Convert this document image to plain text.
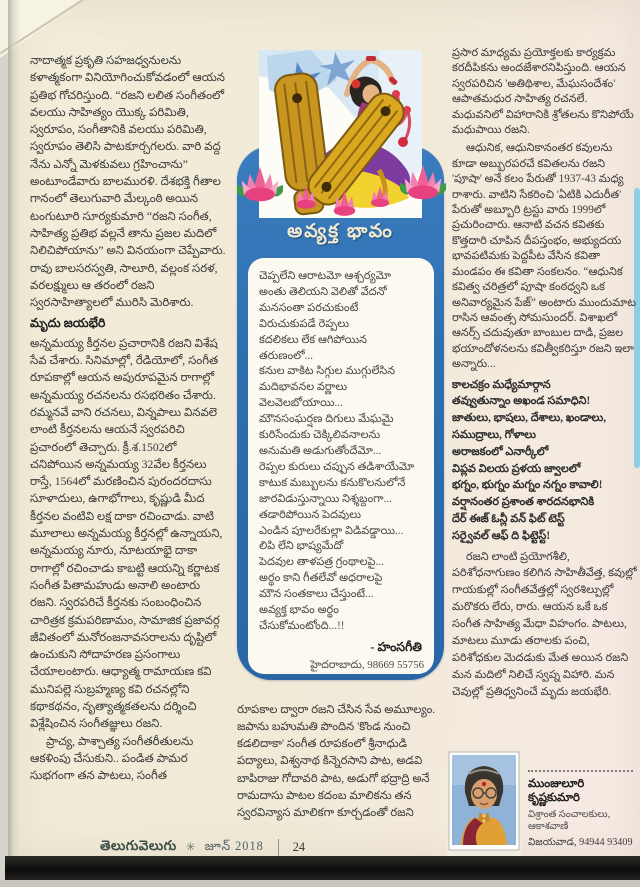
నాదాత్మక ప్రకృతి సహజధ్వనులను కళాత్మకంగా వినియోగించుకోవడంలో ఆయన ప్రతిభ గోచరిస్తుంది. “రజని లలిత సంగీతంలో వలయు సాహిత్యం యొక్క పరిమితి, స్వరూపం, సంగీతానికి వలయు పరిమితి, స్వరూపం తెలిసి పాటకూర్చగలరు. వారి వద్ద నేను ఎన్నో మెళకువలు గ్రహించాను” అంటూండేవారు బాలమురళి. దేశభక్తి గీతాల గానంలో తెలుగువారి మేల్కంఠి అయిన టంగుటూరి సూర్యకుమారి “రజని సంగీత, సాహిత్య ప్రతిభ వల్లనే తాను ప్రజల మదిలో నిలిచిపోయాను” అని వినయంగా చెప్పేవారు. రావు బాలసరస్వతి, సాలూరి, వల్లంక సరళ, వరలక్ష్ములు ఆ తరంలో రజని స్వరసాహిత్యాలలో మురిసి మెరిశారు.

మృదు జయభేరి

అన్నమయ్య కీర్తనల ప్రచారానికి రజని విశేష సేవ చేశారు. సినిమాల్లో, రేడియోలో, సంగీత రూపకాల్లో ఆయన అపురూపమైన రాగాల్లో అన్నమయ్య రచనలను రసభరితం చేశారు. రమ్మనవే వాని రచనలు, విన్నపాలు వినవలె లాంటి కీర్తనలను ఆయనే స్వరపరిచి ప్రచారంలో తెచ్చారు. క్రీ.శ.1502లో చనిపోయిన అన్నమయ్య 32వేల కీర్తనలు రాస్తే, 1564లో మరణించిన పురందరదాసు సూళాదులు, ఉగాభోగాలు, కృష్ణుడి మీద కీర్తనల వంటివి లక్ష దాకా రచించాడు. వాటి మూలాలు అన్నమయ్య కీర్తనల్లో ఉన్నాయని, అన్నమయ్య నూరు, నూటయాభై దాకా రాగాల్లో రచించాడు కాబట్టి ఆయన్ని కర్ణాటక సంగీత పితామహుడు అనాలి అంటారు రజని. స్వరపరిచే కీర్తనకు సంబంధించిన చారిత్రక క్రమపరిణామం, సామాజిక ప్రజావర్గ జీవితంలో మనోరంజనావసరాలను దృష్టిలో ఉంచుకుని సోదాహరణ ప్రసంగాలు చేయాలంటారు. ఆధ్యాత్మ రామాయణ కవి మునిపల్లె సుబ్రహ్మణ్య కవి రచనల్లోని కథాకథనం, నృత్యాత్మకతలను దర్శించి విశ్లేషించిన సంగీతజ్ఞులు రజని.

ప్రాచ్య, పాశ్చాత్య సంగీతరీతులను ఆకళింపు చేసుకుని.. పండిత పామర సుభగంగా తన పాటలు, సంగీత

అవ్యక్త భావం
చెప్పలేని ఆరాటమో ఆశ్చర్యమో
అంతు తెలియని వెలితో వేదనో
మనసంతా పరచుకుంటే
విరుచుకుపడే రెప్పలు
కదలికలు లేక ఆగిపోయిన
తరుణంలో...
కనుల వాకిట సిగ్గుల ముగ్గులేసిన
మదిభావనల వర్ణాలు
వెలవెలబోయాయి...
మౌనసంఘర్షణ దిగులు మేఘమై
కురిసేందుకు చెక్కిలివనాలను
అనుమతి అడుగుతోందేమో...
రెప్పల కురులు చప్పున తడిశాయేమో
కాటుక మబ్బులను కనుకొలనులోనే
జారవిడుస్తున్నాయి నిశ్శబ్దంగా...
తడారిపోయిన పెదవులు
ఎండిన పూలరేకుల్లా విడివడ్డాయి...
లిపి లేని భాష్యమేదో
పెదవుల తాళపత్ర గ్రంథాలపై...
అర్థం కాని గీతలేవో అధరాలపై
మౌన సంతకాలు చేస్తుంటే...
అవ్యక్త భావం అర్థం
చేసుకోమంటోంది...!!
- హంసగీతి
హైదరాబాదు, 98669 55756

రూపకాల ద్వారా రజని చేసిన సేవ అమూల్యం. జపాను బహుమతి పొందిన 'కొండ నుంచి కడలిదాకా' సంగీత రూపకంలో శ్రీనాధుడి పద్యాలు, విశ్వనాథ కిన్నెరసాని పాట, అడవి బాపిరాజు గోదావరి పాట, అడుగో భద్రాద్రి అనే రామదాసు పాటల కదంబ మాలికను తన స్వరవిన్యాస మాలికగా కూర్చడంతో రజని

ప్రసార మాధ్యమ ప్రయోక్తలకు కార్యక్రమ కరదీపికను అందజేశారనిపిస్తుంది. ఆయన స్వరపరిచిన 'అతిథిశాల, మేఘసందేశం' ఆపాతమధుర సాహిత్య రచనలే. మధువనిలో విహారానికి శ్రోతలను కొనిపోయే మధుపాయి రజని.

ఆధునిక, ఆధునికానంతర కవులను కూడా అబ్బురపరచే కవితలను రజని 'పూషా' అనే కలం పేరుతో 1937-43 మధ్య రాశారు. వాటిని సేకరించి 'ఏటికి ఎదురీత' పేరుతో అబ్బూరి ట్రస్టు వారు 1999లో ప్రచురించారు. ఆనాటి వచన కవితకు కొత్తదారి చూపిన దీపస్తంభం, అభ్యుదయ భావపటిమకు పెద్దపీట వేసిన కవితా మండపం ఈ కవితా సంకలనం. “ఆధునిక కవిత్వ చరిత్రలో పూషా కంఠధ్వని ఒక అనివార్యమైన పేజ్” అంటారు ముందుమాట రాసిన ఆవంత్స సోమసుందర్. విశాఖలో ఆనర్స్ చదువుతూ బాంబుల దాడి, ప్రజల భయాందోళనలను కవిత్వీకరిస్తూ రజని ఇలా అన్నారు...

కాలచక్రం మధ్యేమార్గాన
తవ్వుతున్నాం అఖండ సమాధిని!
జాతులు, భాషలు, దేశాలు, ఖండాలు,
సముద్రాలు, గోళాలు
అరాజకంలో ఎనార్కీలో
విప్లవ విలయ ప్రళయ జ్వాలలో
భగ్నం, భుగ్నం మగ్నం నగ్నం కావాలి!
వర్షానంతర ప్రశాంత శారదనభానికి
దేర్ ఈజ్ ఓన్లీ వన్ ఫిట్ టెస్ట్
సర్వైవల్ ఆఫ్ ది ఫిట్టెస్ట్!

రజని లాంటి ప్రయోగశీలి, పరిశోధనాగుణం కలిగిన సాహితీవేత్త, కవుల్లో గాయకుల్లో సంగీతవేత్తల్లో స్వరశిల్పుల్లో మరొకరు లేరు, రారు. ఆయన ఒకే ఒక సంగీత సాహిత్య మేధా విహంగం. పాటలు, మాటలు మూడు తరాలకు పంచి, పరిశోధకుల మెదడుకు మేత అయిన రజని మన మదిలో నిలిచే స్వప్న విహారి. మన చెవుల్లో ప్రతిధ్వనించే మృదు జయభేరి.

ముంజులూరి కృష్ణకుమారి
విశ్రాంత సంచాలకులు, ఆకాశవాణి
విజయవాడ, 94944 93409
తెలుగువెలుగు ✳ జూన్ 2018 24
